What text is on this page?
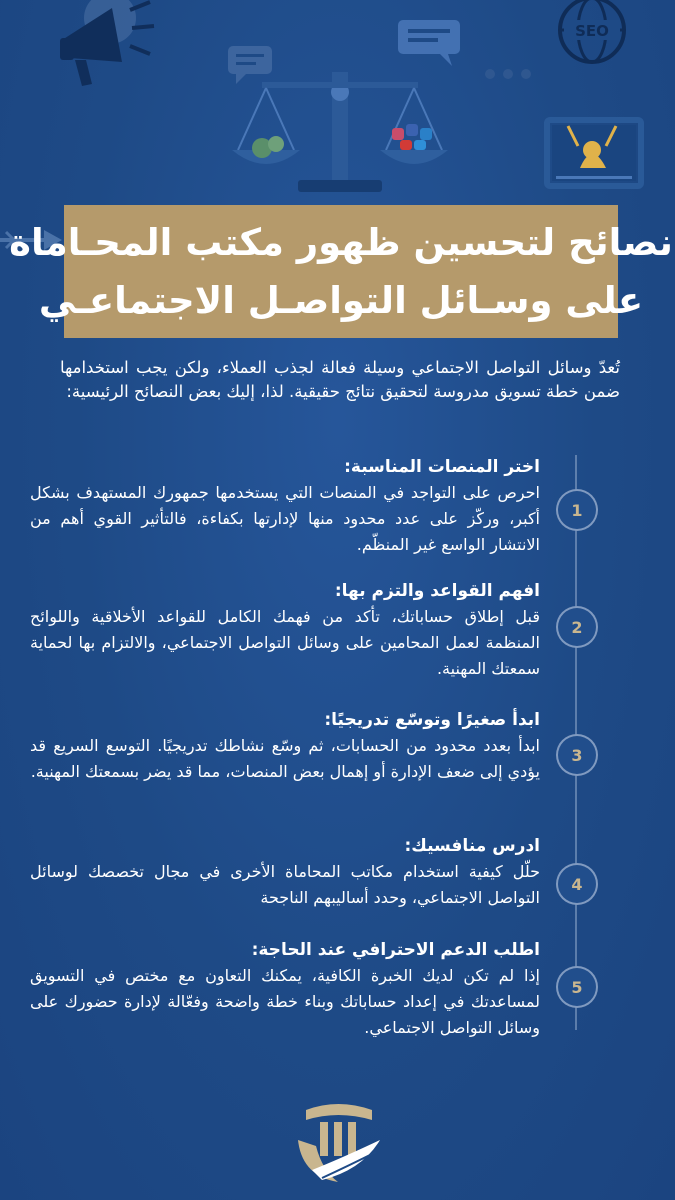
SEO
نصائح لتحسين ظهور مكتب المحـاماة
على وسـائل التواصـل الاجتماعـي

تُعدّ وسائل التواصل الاجتماعي وسيلة فعالة لجذب العملاء، ولكن يجب استخدامها ضمن خطة تسويق مدروسة لتحقيق نتائج حقيقية. لذا، إليك بعض النصائح الرئيسية:

اختر المنصات المناسبة:
احرص على التواجد في المنصات التي يستخدمها جمهورك المستهدف بشكل أكبر، وركّز على عدد محدود منها لإدارتها بكفاءة، فالتأثير القوي أهم من الانتشار الواسع غير المنظّم.
1
افهم القواعد والتزم بها:
قبل إطلاق حساباتك، تأكد من فهمك الكامل للقواعد الأخلاقية واللوائح المنظمة لعمل المحامين على وسائل التواصل الاجتماعي، والالتزام بها لحماية سمعتك المهنية.
2
ابدأ صغيرًا وتوسّع تدريجيًا:
ابدأ بعدد محدود من الحسابات، ثم وسّع نشاطك تدريجيًا. التوسع السريع قد يؤدي إلى ضعف الإدارة أو إهمال بعض المنصات، مما قد يضر بسمعتك المهنية.
3
ادرس منافسيك:
حلّل كيفية استخدام مكاتب المحاماة الأخرى في مجال تخصصك لوسائل التواصل الاجتماعي، وحدد أساليبهم الناجحة
4
اطلب الدعم الاحترافي عند الحاجة:
إذا لم تكن لديك الخبرة الكافية، يمكنك التعاون مع مختص في التسويق لمساعدتك في إعداد حساباتك وبناء خطة واضحة وفعّالة لإدارة حضورك على وسائل التواصل الاجتماعي.
5
